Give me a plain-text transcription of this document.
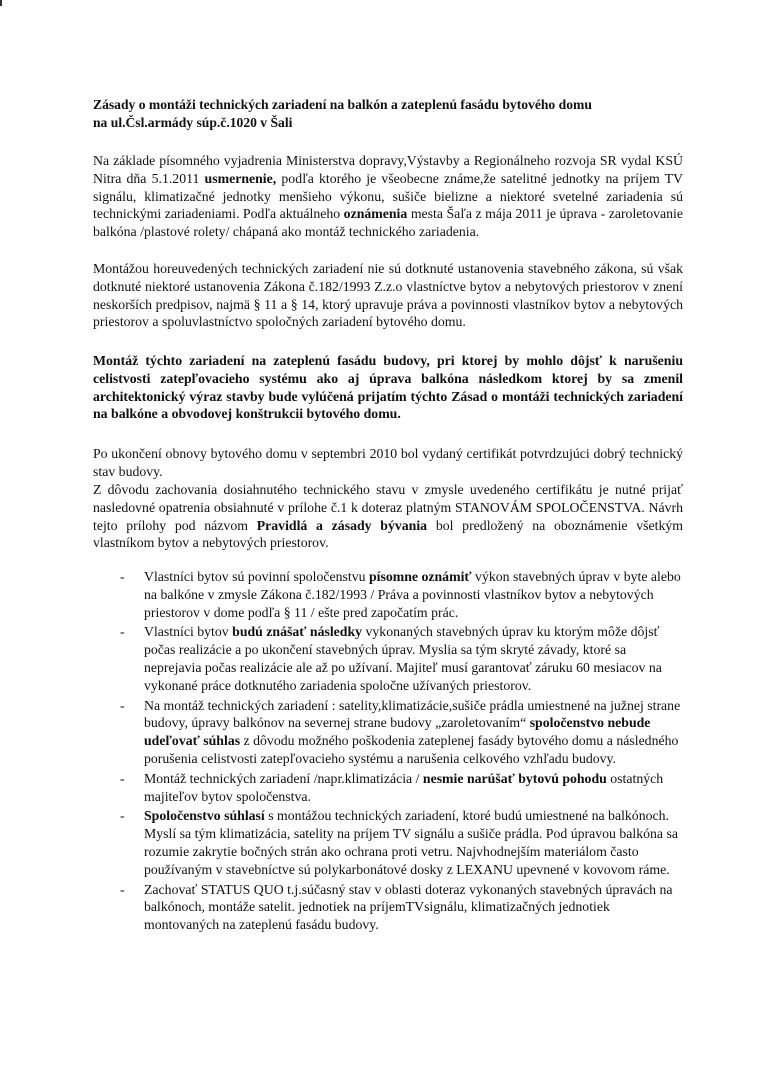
Zásady o montáži technických zariadení na balkón a zateplenú fasádu bytového domu
na ul.Čsl.armády súp.č.1020 v Šali
Na základe písomného vyjadrenia Ministerstva dopravy,Výstavby a Regionálneho rozvoja SR vydal KSÚ Nitra dňa 5.1.2011 usmernenie, podľa ktorého je všeobecne známe,že satelitné jednotky na príjem TV signálu, klimatizačné jednotky menšieho výkonu, sušiče bielizne a niektoré svetelné zariadenia sú technickými zariadeniami. Podľa aktuálneho oznámenia mesta Šaľa z mája 2011 je úprava - zaroletovanie balkóna /plastové rolety/ chápaná ako montáž technického zariadenia.
Montážou horeuvedených technických zariadení nie sú dotknuté ustanovenia stavebného zákona, sú však dotknuté niektoré ustanovenia Zákona č.182/1993 Z.z.o vlastníctve bytov a nebytových priestorov v znení neskorších predpisov, najmä § 11 a § 14, ktorý upravuje práva a povinnosti vlastníkov bytov a nebytových priestorov a spoluvlastníctvo spoločných zariadení bytového domu.
Montáž týchto zariadení na zateplenú fasádu budovy, pri ktorej by mohlo dôjsť k narušeniu celistvosti zatepľovacieho systému ako aj úprava balkóna následkom ktorej by sa zmenil architektonický výraz stavby bude vylúčená prijatím týchto Zásad o montáži technických zariadení na balkóne a obvodovej konštrukcii bytového domu.
Po ukončení obnovy bytového domu v septembri 2010 bol vydaný certifikát potvrdzujúci dobrý technický stav budovy.
Z dôvodu zachovania dosiahnutého technického stavu v zmysle uvedeného certifikátu je nutné prijať nasledovné opatrenia obsiahnuté v prílohe č.1 k doteraz platným STANOVÁM SPOLOČENSTVA. Návrh tejto prílohy pod názvom Pravidlá a zásady bývania bol predložený na oboznámenie všetkým vlastníkom bytov a nebytových priestorov.
- Vlastníci bytov sú povinní spoločenstvu písomne oznámiť výkon stavebných úprav v byte alebo na balkóne v zmysle Zákona č.182/1993 / Práva a povinnosti vlastníkov bytov a nebytových priestorov v dome podľa § 11 / ešte pred započatím prác.
- Vlastníci bytov budú znášať následky vykonaných stavebných úprav ku ktorým môže dôjsť počas realizácie a po ukončení stavebných úprav. Myslia sa tým skryté závady, ktoré sa neprejavia počas realizácie ale až po užívaní. Majiteľ musí garantovať záruku 60 mesiacov na vykonané práce dotknutého zariadenia spoločne užívaných priestorov.
- Na montáž technických zariadení : satelity,klimatizácie,sušiče prádla umiestnené na južnej strane budovy, úpravy balkónov na severnej strane budovy „zaroletovaním“ spoločenstvo nebude udeľovať súhlas z dôvodu možného poškodenia zateplenej fasády bytového domu a následného porušenia celistvosti zatepľovacieho systému a narušenia celkového vzhľadu budovy.
- Montáž technických zariadení /napr.klimatizácia / nesmie narúšať bytovú pohodu ostatných majiteľov bytov spoločenstva.
- Spoločenstvo súhlasí s montážou technických zariadení, ktoré budú umiestnené na balkónoch. Myslí sa tým klimatizácia, satelity na príjem TV signálu a sušiče prádla. Pod úpravou balkóna sa rozumie zakrytie bočných strán ako ochrana proti vetru. Najvhodnejším materiálom často používaným v stavebníctve sú polykarbonátové dosky z LEXANU upevnené v kovovom ráme.
- Zachovať STATUS QUO t.j.súčasný stav v oblasti doteraz vykonaných stavebných úpravách na balkónoch, montáže satelit. jednotiek na príjemTVsignálu, klimatizačných jednotiek montovaných na zateplenú fasádu budovy.
